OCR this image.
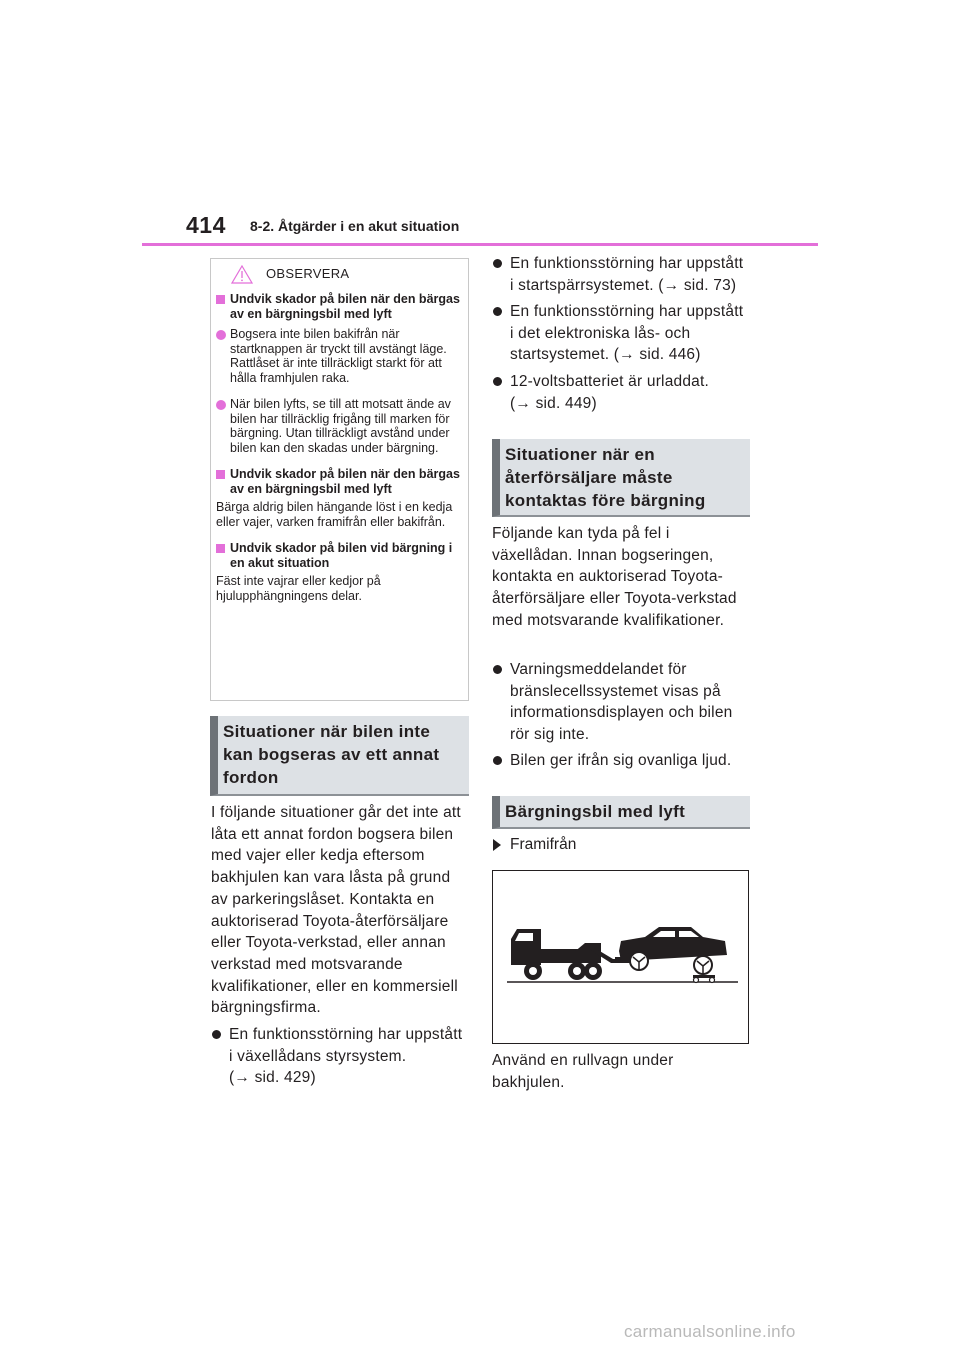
414 8-2. Åtgärder i en akut situation
OBSERVERA
Undvik skador på bilen när den bärgas av en bärgningsbil med lyft
Bogsera inte bilen bakifrån när startknappen är tryckt till avstängt läge. Rattlåset är inte tillräckligt starkt för att hålla framhjulen raka.
När bilen lyfts, se till att motsatt ände av bilen har tillräcklig frigång till marken för bärgning. Utan tillräckligt avstånd under bilen kan den skadas under bärgning.
Undvik skador på bilen när den bärgas av en bärgningsbil med lyft
Bärga aldrig bilen hängande löst i en kedja eller vajer, varken framifrån eller bakifrån.
Undvik skador på bilen vid bärgning i en akut situation
Fäst inte vajrar eller kedjor på hjulupphängningens delar.
Situationer när bilen inte kan bogseras av ett annat fordon
I följande situationer går det inte att låta ett annat fordon bogsera bilen med vajer eller kedja eftersom bakhjulen kan vara låsta på grund av parkeringslåset. Kontakta en auktoriserad Toyota-återförsäljare eller Toyota-verkstad, eller annan verkstad med motsvarande kvalifikationer, eller en kommersiell bärgningsfirma.
En funktionsstörning har uppstått i växellådans styrsystem.
(→ sid. 429)
En funktionsstörning har uppstått i startspärrsystemet. (→ sid. 73)
En funktionsstörning har uppstått i det elektroniska lås- och startsystemet. (→ sid. 446)
12-voltsbatteriet är urladdat.
(→ sid. 449)
Situationer när en återförsäljare måste kontaktas före bärgning
Följande kan tyda på fel i växellådan. Innan bogseringen, kontakta en auktoriserad Toyota-återförsäljare eller Toyota-verkstad med motsvarande kvalifikationer.
Varningsmeddelandet för bränslecellssystemet visas på informationsdisplayen och bilen rör sig inte.
Bilen ger ifrån sig ovanliga ljud.
Bärgningsbil med lyft
Framifrån
Använd en rullvagn under bakhjulen.
carmanualsonline.info
